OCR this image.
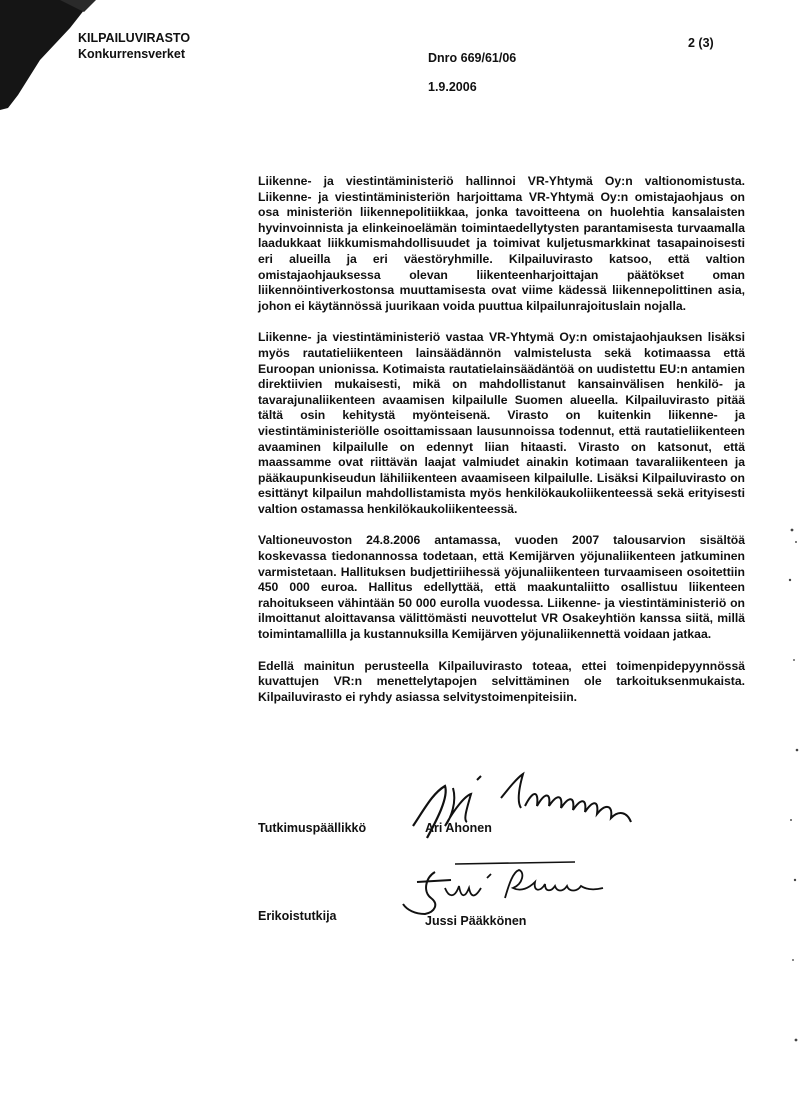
KILPAILUVIRASTO
Konkurrensverket
2 (3)
Dnro 669/61/06
1.9.2006

Liikenne- ja viestintäministeriö hallinnoi VR-Yhtymä Oy:n valtionomistusta. Liikenne- ja viestintäministeriön harjoittama VR-Yhtymä Oy:n omistajaohjaus on osa ministeriön liikennepolitiikkaa, jonka tavoitteena on huolehtia kansalaisten hyvinvoinnista ja elinkeinoelämän toimintaedellytysten parantamisesta turvaamalla laadukkaat liikkumismahdollisuudet ja toimivat kuljetusmarkkinat tasapainoisesti eri alueilla ja eri väestöryhmille. Kilpailuvirasto katsoo, että valtion omistajaohjauksessa olevan liikenteenharjoittajan päätökset oman liikennöintiverkostonsa muuttamisesta ovat viime kädessä liikennepolittinen asia, johon ei käytännössä juurikaan voida puuttua kilpailunrajoituslain nojalla.

Liikenne- ja viestintäministeriö vastaa VR-Yhtymä Oy:n omistajaohjauksen lisäksi myös rautatieliikenteen lainsäädännön valmistelusta sekä kotimaassa että Euroopan unionissa. Kotimaista rautatielainsäädäntöä on uudistettu EU:n antamien direktiivien mukaisesti, mikä on mahdollistanut kansainvälisen henkilö- ja tavarajunaliikenteen avaamisen kilpailulle Suomen alueella. Kilpailuvirasto pitää tältä osin kehitystä myönteisenä. Virasto on kuitenkin liikenne- ja viestintäministeriölle osoittamissaan lausunnoissa todennut, että rautatieliikenteen avaaminen kilpailulle on edennyt liian hitaasti. Virasto on katsonut, että maassamme ovat riittävän laajat valmiudet ainakin kotimaan tavaraliikenteen ja pääkaupunkiseudun lähiliikenteen avaamiseen kilpailulle. Lisäksi Kilpailuvirasto on esittänyt kilpailun mahdollistamista myös henkilökaukoliikenteessä sekä erityisesti valtion ostamassa henkilökaukoliikenteessä.

Valtioneuvoston 24.8.2006 antamassa, vuoden 2007 talousarvion sisältöä koskevassa tiedonannossa todetaan, että Kemijärven yöjunaliikenteen jatkuminen varmistetaan. Hallituksen budjettiriihessä yöjunaliikenteen turvaamiseen osoitettiin 450 000 euroa. Hallitus edellyttää, että maakuntaliitto osallistuu liikenteen rahoitukseen vähintään 50 000 eurolla vuodessa. Liikenne- ja viestintäministeriö on ilmoittanut aloittavansa välittömästi neuvottelut VR Osakeyhtiön kanssa siitä, millä toimintamallilla ja kustannuksilla Kemijärven yöjunaliikennettä voidaan jatkaa.

Edellä mainitun perusteella Kilpailuvirasto toteaa, ettei toimenpidepyynnössä kuvattujen VR:n menettelytapojen selvittäminen ole tarkoituksenmukaista. Kilpailuvirasto ei ryhdy asiassa selvitystoimenpiteisiin.

Tutkimuspäällikkö	Ari Ahonen
Erikoistutkija	Jussi Pääkkönen
